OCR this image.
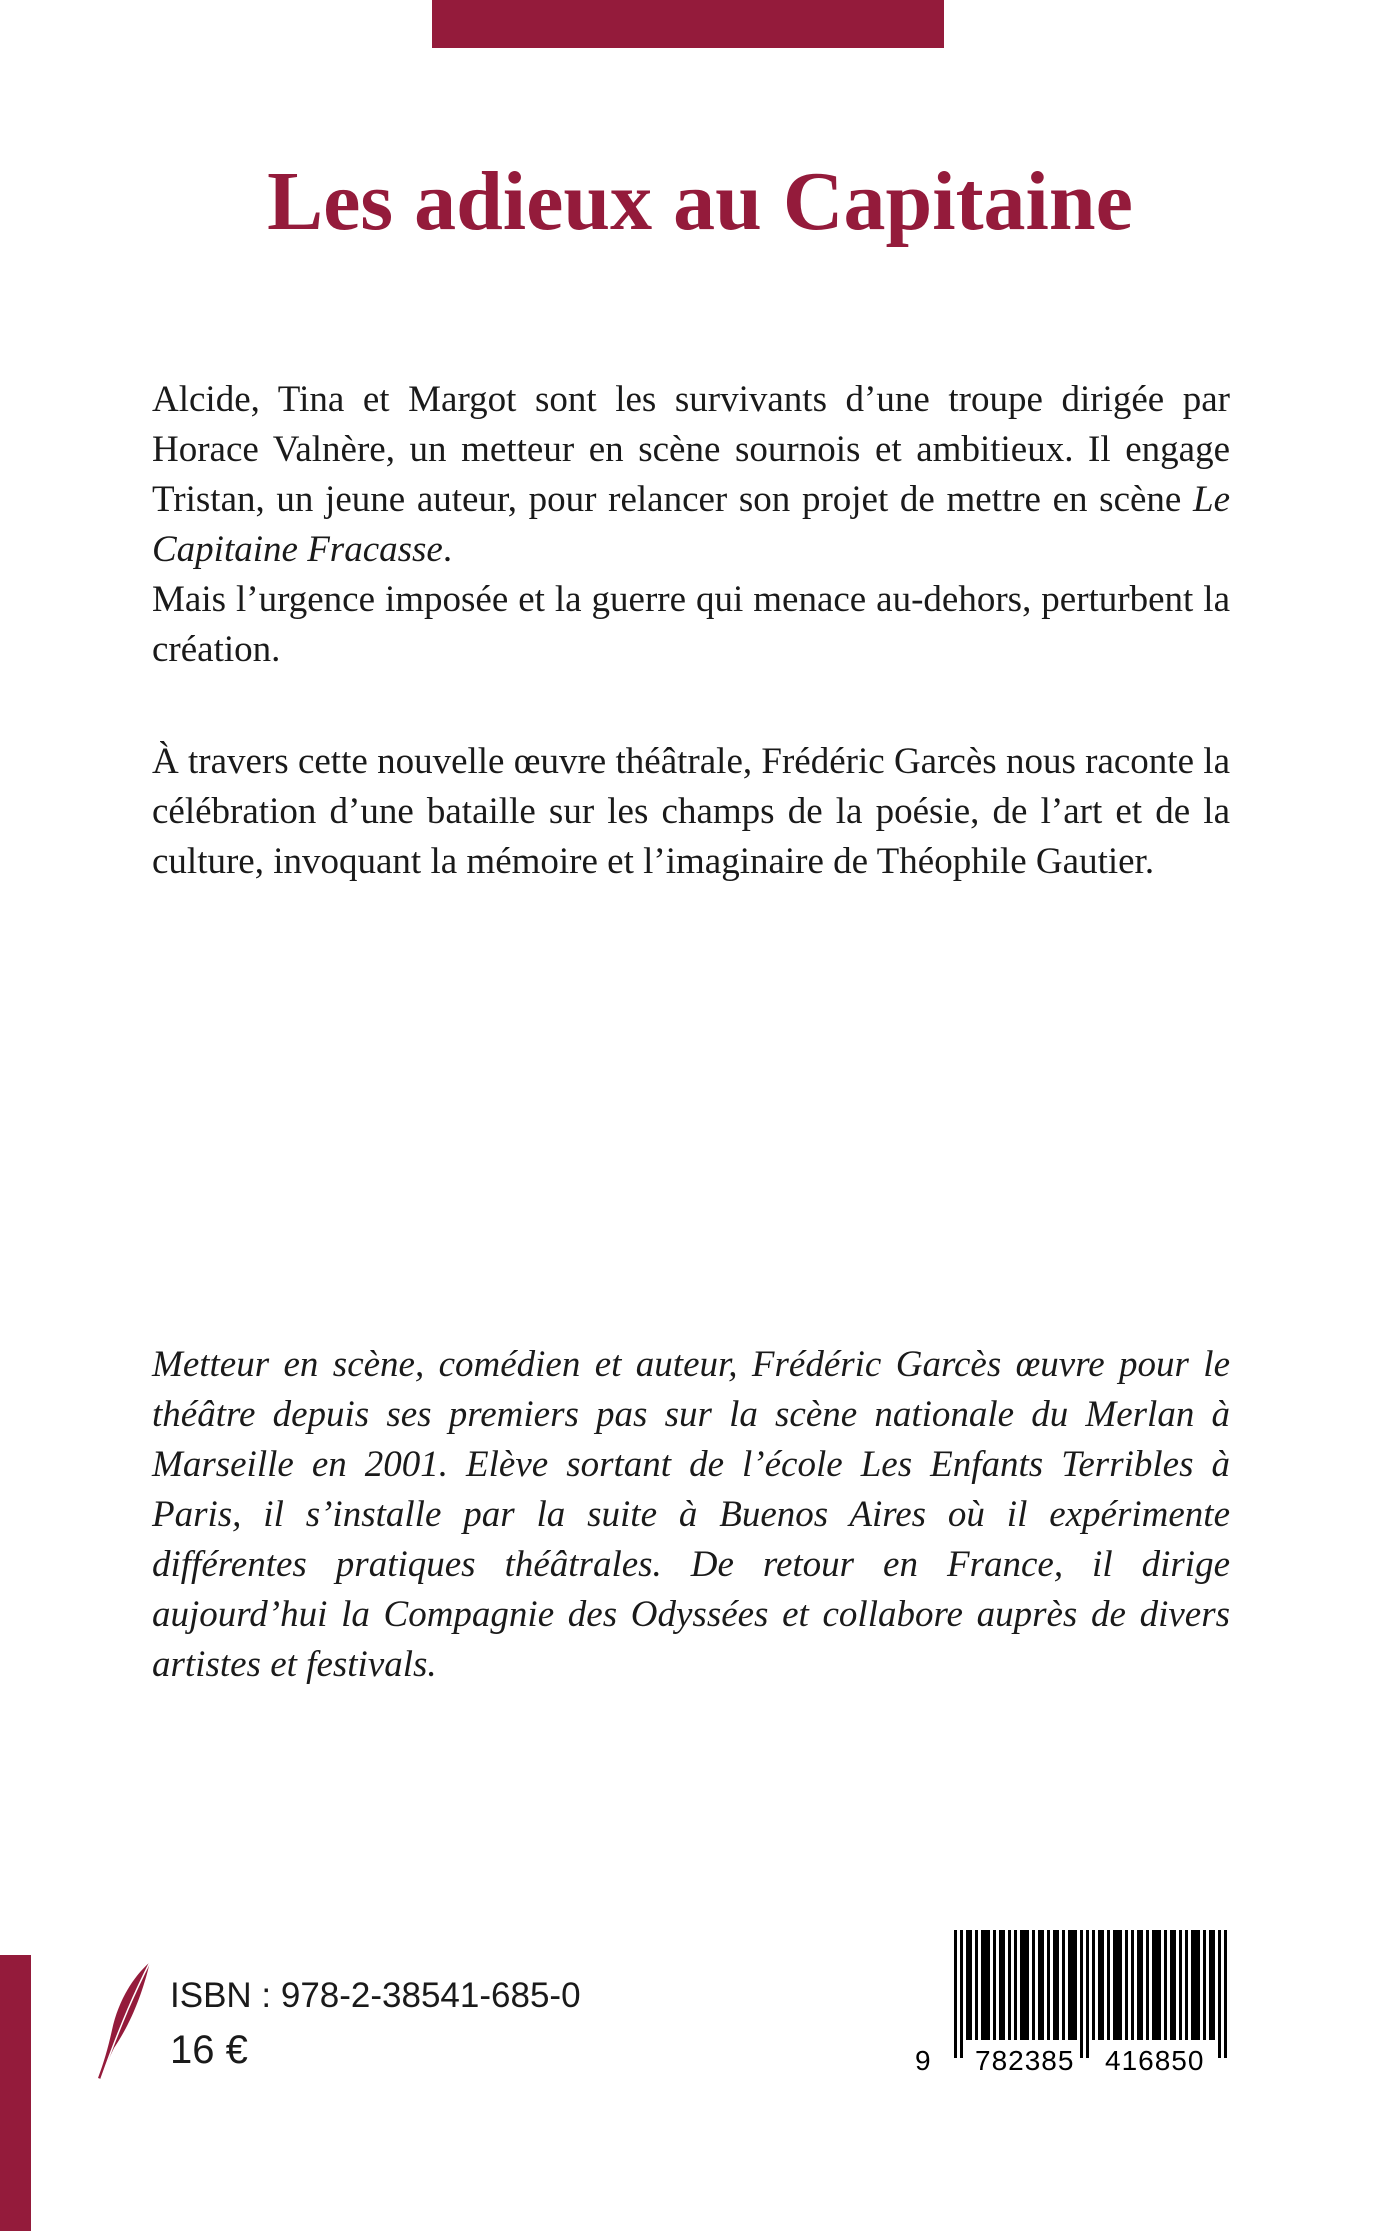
Les adieux au Capitaine

Alcide, Tina et Margot sont les survivants d’une troupe dirigée par Horace Valnère, un metteur en scène sournois et ambitieux. Il engage Tristan, un jeune auteur, pour relancer son projet de mettre en scène Le Capitaine Fracasse.

Mais l’urgence imposée et la guerre qui menace au-dehors, perturbent la création.

À travers cette nouvelle œuvre théâtrale, Frédéric Garcès nous raconte la célébration d’une bataille sur les champs de la poésie, de l’art et de la culture, invoquant la mémoire et l’imaginaire de Théophile Gautier.

Metteur en scène, comédien et auteur, Frédéric Garcès œuvre pour le théâtre depuis ses premiers pas sur la scène nationale du Merlan à Marseille en 2001. Elève sortant de l’école Les Enfants Terribles à Paris, il s’installe par la suite à Buenos Aires où il expérimente différentes pratiques théâtrales. De retour en France, il dirige aujourd’hui la Compagnie des Odyssées et collabore auprès de divers artistes et festivals.

ISBN : 978-2-38541-685-0

16 €	9 782385 416850
